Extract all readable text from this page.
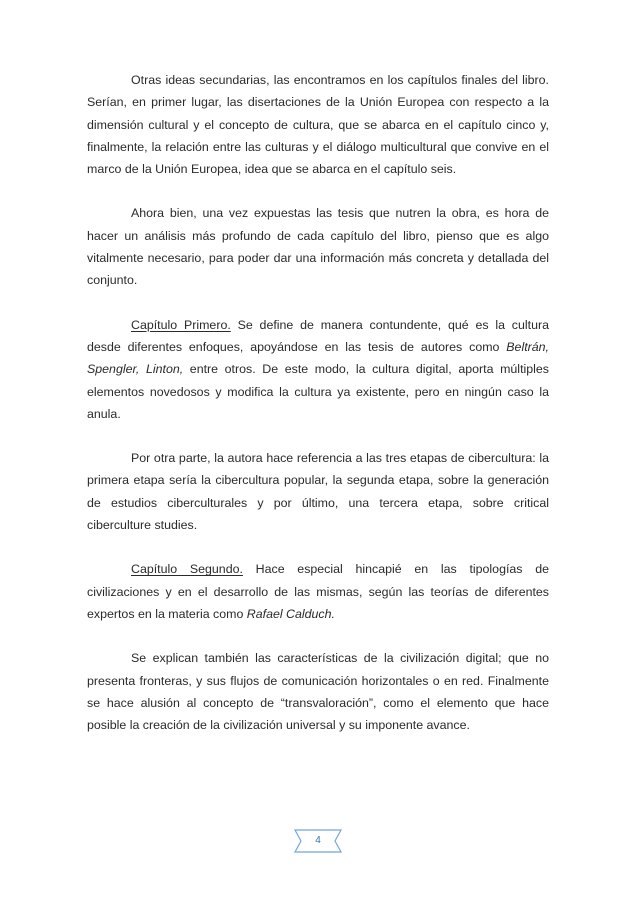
Otras ideas secundarias, las encontramos en los capítulos finales del libro. Serían, en primer lugar, las disertaciones de la Unión Europea con respecto a la dimensión cultural y el concepto de cultura, que se abarca en el capítulo cinco y, finalmente, la relación entre las culturas y el diálogo multicultural que convive en el marco de la Unión Europea, idea que se abarca en el capítulo seis.

Ahora bien, una vez expuestas las tesis que nutren la obra, es hora de hacer un análisis más profundo de cada capítulo del libro, pienso que es algo vitalmente necesario, para poder dar una información más concreta y detallada del conjunto.

Capítulo Primero. Se define de manera contundente, qué es la cultura desde diferentes enfoques, apoyándose en las tesis de autores como Beltrán, Spengler, Linton, entre otros. De este modo, la cultura digital, aporta múltiples elementos novedosos y modifica la cultura ya existente, pero en ningún caso la anula.

Por otra parte, la autora hace referencia a las tres etapas de cibercultura: la primera etapa sería la cibercultura popular, la segunda etapa, sobre la generación de estudios ciberculturales y por último, una tercera etapa, sobre critical ciberculture studies.

Capítulo Segundo. Hace especial hincapié en las tipologías de civilizaciones y en el desarrollo de las mismas, según las teorías de diferentes expertos en la materia como Rafael Calduch.

Se explican también las características de la civilización digital; que no presenta fronteras, y sus flujos de comunicación horizontales o en red. Finalmente se hace alusión al concepto de “transvaloración”, como el elemento que hace posible la creación de la civilización universal y su imponente avance.

4
